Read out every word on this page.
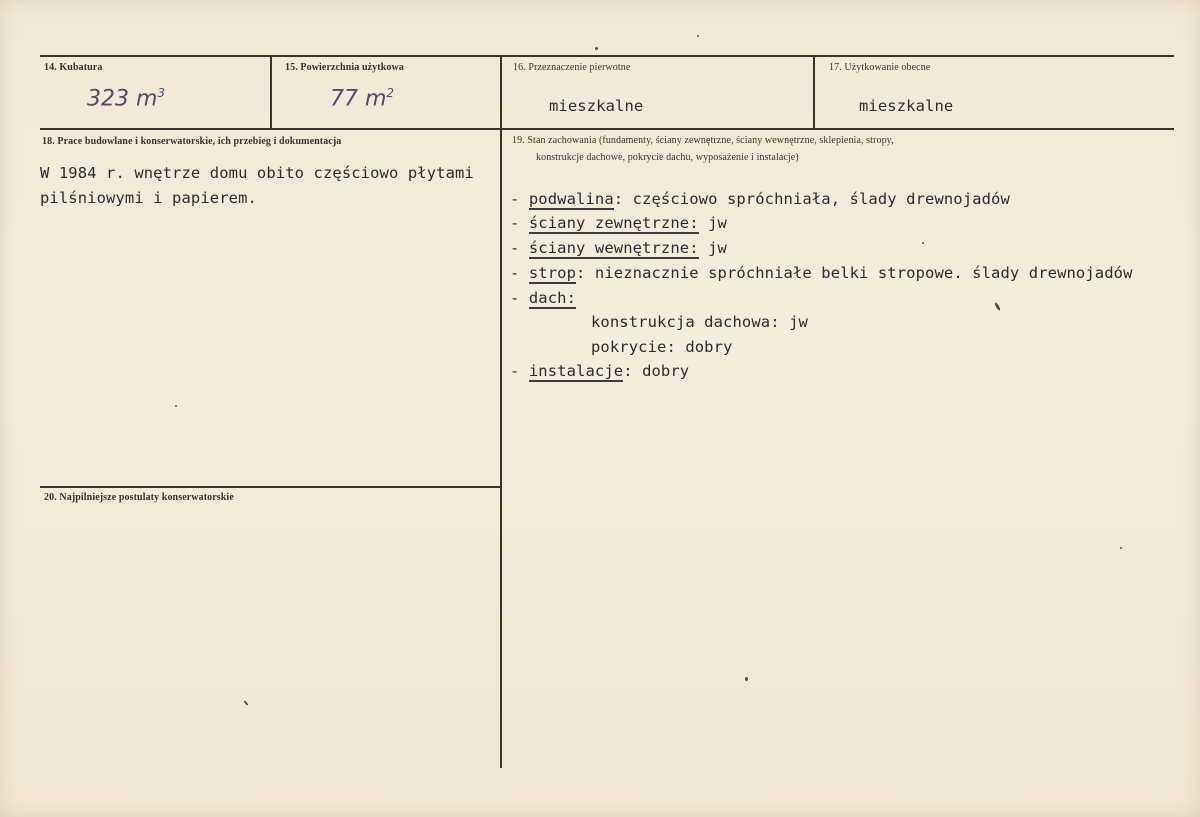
14. Kubatura
323 $m^3$
15. Powierzchnia użytkowa
77 $m^2$
16. Przeznaczenie pierwotne
mieszkalne
17. Użytkowanie obecne
mieszkalne
18. Prace budowlane i konserwatorskie, ich przebieg i dokumentacja
W 1984 r. wnętrze domu obito częściowo płytami
pilśniowymi i papierem.
19. Stan zachowania (fundamenty, ściany zewnętrzne, ściany wewnętrzne, sklepienia, stropy,
konstrukcje dachowe, pokrycie dachu, wyposażenie i instalacje)
- podwalina: częściowo spróchniała, ślady drewnojadów
- ściany zewnętrzne: jw
- ściany wewnętrzne: jw
- strop: nieznacznie spróchniałe belki stropowe. ślady drewnojadów
- dach:
konstrukcja dachowa: jw
pokrycie: dobry
- instalacje: dobry
20. Najpilniejsze postulaty konserwatorskie
